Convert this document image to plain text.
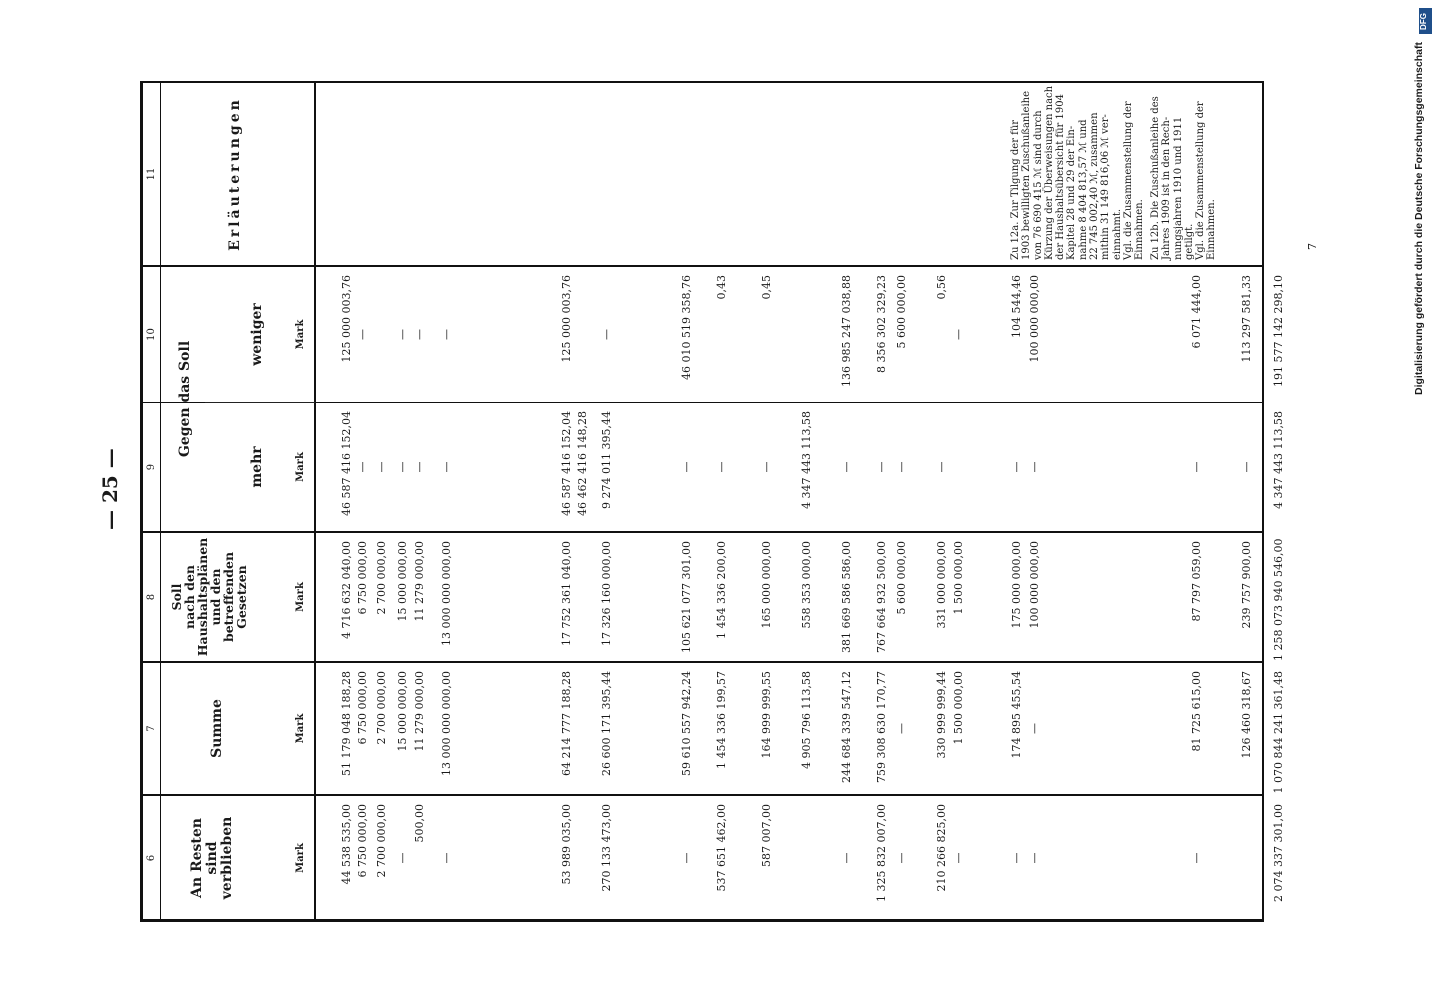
— 25 —
6
7
8
9
10
11
An Resten sind verblieben
Summe
Soll
nach den
Haushaltsplänen
und den
betreffenden
Gesetzen
Gegen das Soll
mehr
weniger
Erläuterungen
Mark
Mark
Mark
Mark
Mark
44 538 535,00
51 179 048 188,28
4 716 632 040,00
46 587 416 152,04
125 000 003,76
6 750 000,00
6 750 000,00
6 750 000,00
—
—
2 700 000,00
2 700 000,00
2 700 000,00
—
—
15 000 000,00
15 000 000,00
—
—
500,00
11 279 000,00
11 279 000,00
—
—
—
13 000 000 000,00
13 000 000 000,00
—
—
53 989 035,00
64 214 777 188,28
17 752 361 040,00
46 587 416 152,04
125 000 003,76
46 462 416 148,28
270 133 473,00
26 600 171 395,44
17 326 160 000,00
9 274 011 395,44
—
—
59 610 557 942,24
105 621 077 301,00
—
46 010 519 358,76
537 651 462,00
1 454 336 199,57
1 454 336 200,00
—
0,43
587 007,00
164 999 999,55
165 000 000,00
—
0,45
4 905 796 113,58
558 353 000,00
4 347 443 113,58
—
244 684 339 547,12
381 669 586 586,00
—
136 985 247 038,88
1 325 832 007,00
759 308 630 170,77
767 664 932 500,00
—
8 356 302 329,23
—
—
5 600 000,00
—
5 600 000,00
210 266 825,00
330 999 999,44
331 000 000,00
—
0,56
—
1 500 000,00
1 500 000,00
—
—
174 895 455,54
175 000 000,00
—
104 544,46
—
—
100 000 000,00
—
100 000 000,00
—
81 725 615,00
87 797 059,00
—
6 071 444,00
126 460 318,67
239 757 900,00
—
113 297 581,33
2 074 337 301,00
1 070 844 241 361,48
1 258 073 940 546,00
4 347 443 113,58
191 577 142 298,10
Zu 12a. Zur Tilgung der für 1903 bewilligten Zuschußanleihe von 76 690 415 ℳ sind durch Kürzung der Überweisungen nach der Haushaltsübersicht für 1904 Kapitel 28 und 29 der Ein- nahme 8 404 813,57 ℳ und 22 745 002,40 ℳ, zusammen mithin 31 149 816,06 ℳ ver- einnahmt. Vgl. die Zusammenstellung der Einnahmen. Zu 12b. Die Zuschußanleihe des Jahres 1909 ist in den Rech- nungsjahren 1910 und 1911 getilgt. Vgl. die Zusammenstellung der Einnahmen.	7
DFG
Digitalisierung gefördert durch die Deutsche Forschungsgemeinschaft
